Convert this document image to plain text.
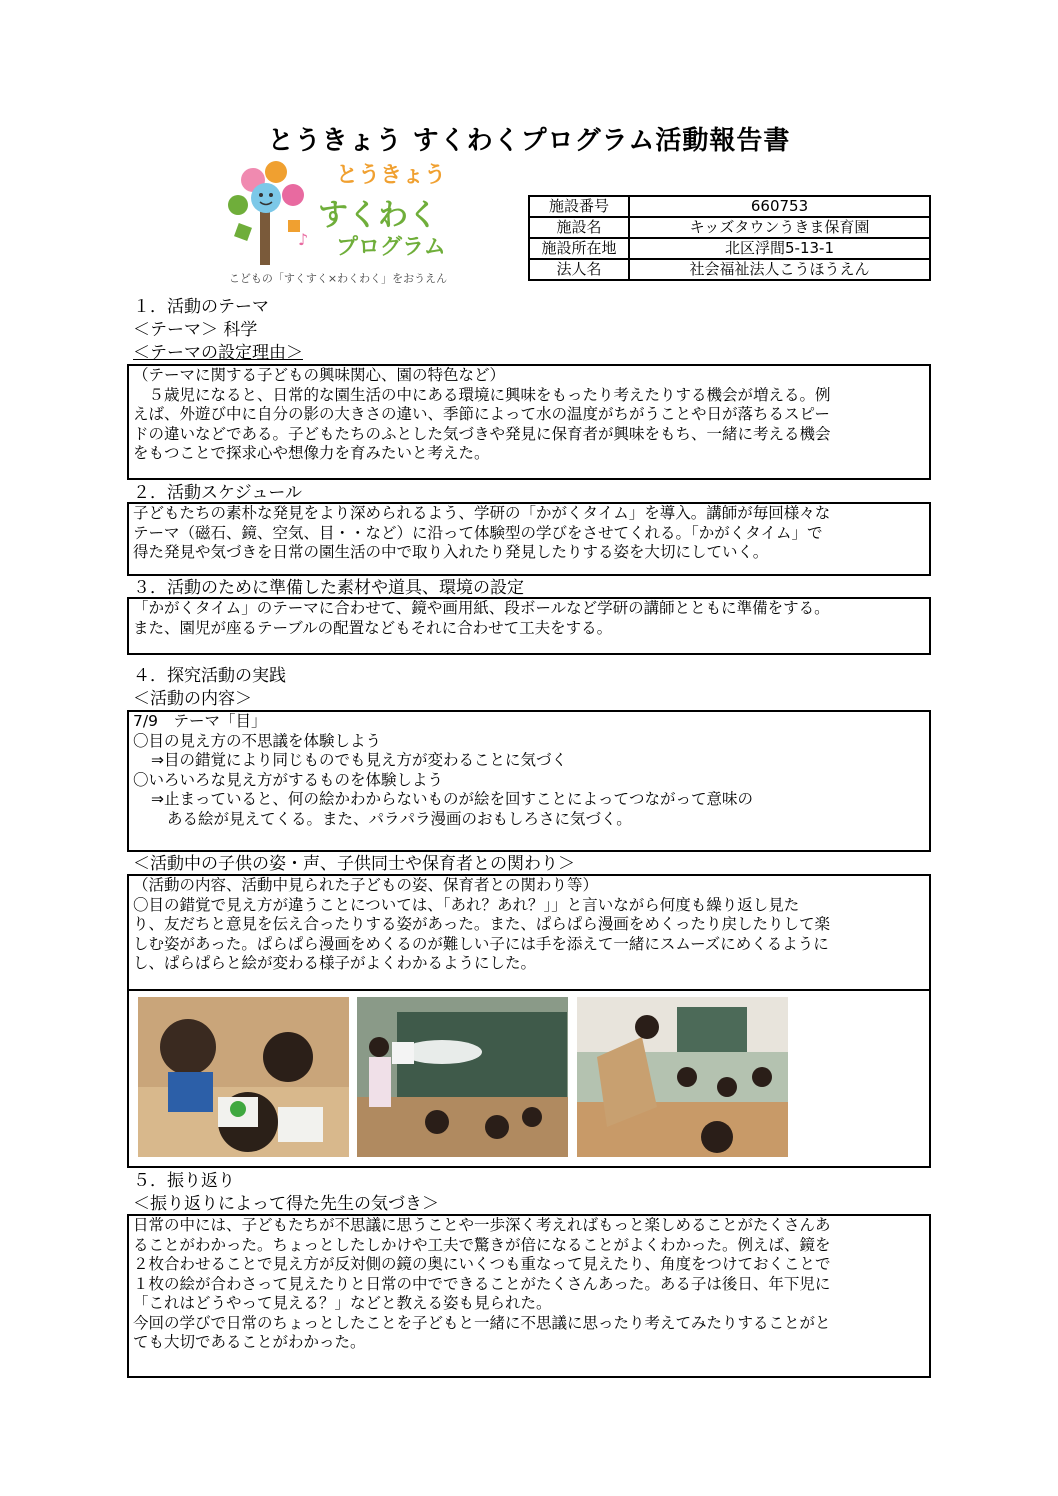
とうきょう すくわくプログラム活動報告書
♪
とうきょう
すくわく
プログラム
こどもの「すくすく×わくわく」をおうえん
施設番号	660753
施設名	キッズタウンうきま保育園
施設所在地	北区浮間5-13-1
法人名	社会福祉法人こうほうえん
１．活動のテーマ
＜テーマ＞ 科学
＜テーマの設定理由＞

（テーマに関する子どもの興味関心、園の特色など）

　５歳児になると、日常的な園生活の中にある環境に興味をもったり考えたりする機会が増える。例

えば、外遊び中に自分の影の大きさの違い、季節によって水の温度がちがうことや日が落ちるスピー

ドの違いなどである。子どもたちのふとした気づきや発見に保育者が興味をもち、一緒に考える機会

をもつことで探求心や想像力を育みたいと考えた。

２．活動スケジュール

子どもたちの素朴な発見をより深められるよう、学研の「かがくタイム」を導入。講師が毎回様々な

テーマ（磁石、鏡、空気、目・・など）に沿って体験型の学びをさせてくれる。「かがくタイム」で

得た発見や気づきを日常の園生活の中で取り入れたり発見したりする姿を大切にしていく。

３．活動のために準備した素材や道具、環境の設定

「かがくタイム」のテーマに合わせて、鏡や画用紙、段ボールなど学研の講師とともに準備をする。

また、園児が座るテーブルの配置などもそれに合わせて工夫をする。

４．探究活動の実践
＜活動の内容＞

7/9　テーマ「目」

〇目の見え方の不思議を体験しよう

⇒目の錯覚により同じものでも見え方が変わることに気づく

〇いろいろな見え方がするものを体験しよう

⇒止まっていると、何の絵かわからないものが絵を回すことによってつながって意味の

ある絵が見えてくる。また、パラパラ漫画のおもしろさに気づく。

＜活動中の子供の姿・声、子供同士や保育者との関わり＞

（活動の内容、活動中見られた子どもの姿、保育者との関わり等）

〇目の錯覚で見え方が違うことについては、「あれ？あれ？」」と言いながら何度も繰り返し見た

り、友だちと意見を伝え合ったりする姿があった。また、ぱらぱら漫画をめくったり戻したりして楽

しむ姿があった。ぱらぱら漫画をめくるのが難しい子には手を添えて一緒にスムーズにめくるように

し、ぱらぱらと絵が変わる様子がよくわかるようにした。

５．振り返り
＜振り返りによって得た先生の気づき＞

日常の中には、子どもたちが不思議に思うことや一歩深く考えればもっと楽しめることがたくさんあ

ることがわかった。ちょっとしたしかけや工夫で驚きが倍になることがよくわかった。例えば、鏡を

２枚合わせることで見え方が反対側の鏡の奥にいくつも重なって見えたり、角度をつけておくことで

１枚の絵が合わさって見えたりと日常の中でできることがたくさんあった。ある子は後日、年下児に

「これはどうやって見える？」などと教える姿も見られた。

今回の学びで日常のちょっとしたことを子どもと一緒に不思議に思ったり考えてみたりすることがと

ても大切であることがわかった。
